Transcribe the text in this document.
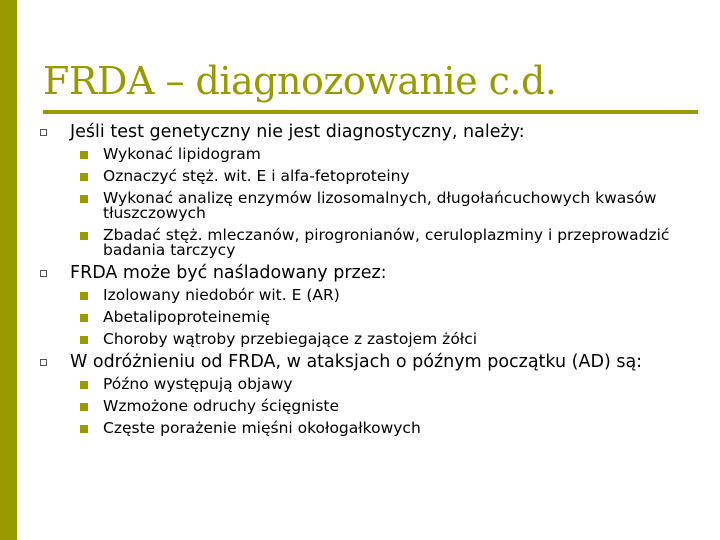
FRDA – diagnozowanie c.d.
Jeśli test genetyczny nie jest diagnostyczny, należy:
Wykonać lipidogram
Oznaczyć stęż. wit. E i alfa-fetoproteiny
Wykonać analizę enzymów lizosomalnych, długołańcuchowych kwasów tłuszczowych
Zbadać stęż. mleczanów, pirogronianów, ceruloplazminy i przeprowadzić badania tarczycy
FRDA może być naśladowany przez:
Izolowany niedobór wit. E (AR)
Abetalipoproteinemię
Choroby wątroby przebiegające z zastojem żółci
W odróżnieniu od FRDA, w ataksjach o późnym początku (AD) są:
Późno występują objawy
Wzmożone odruchy ścięgniste
Częste porażenie mięśni okołogałkowych
